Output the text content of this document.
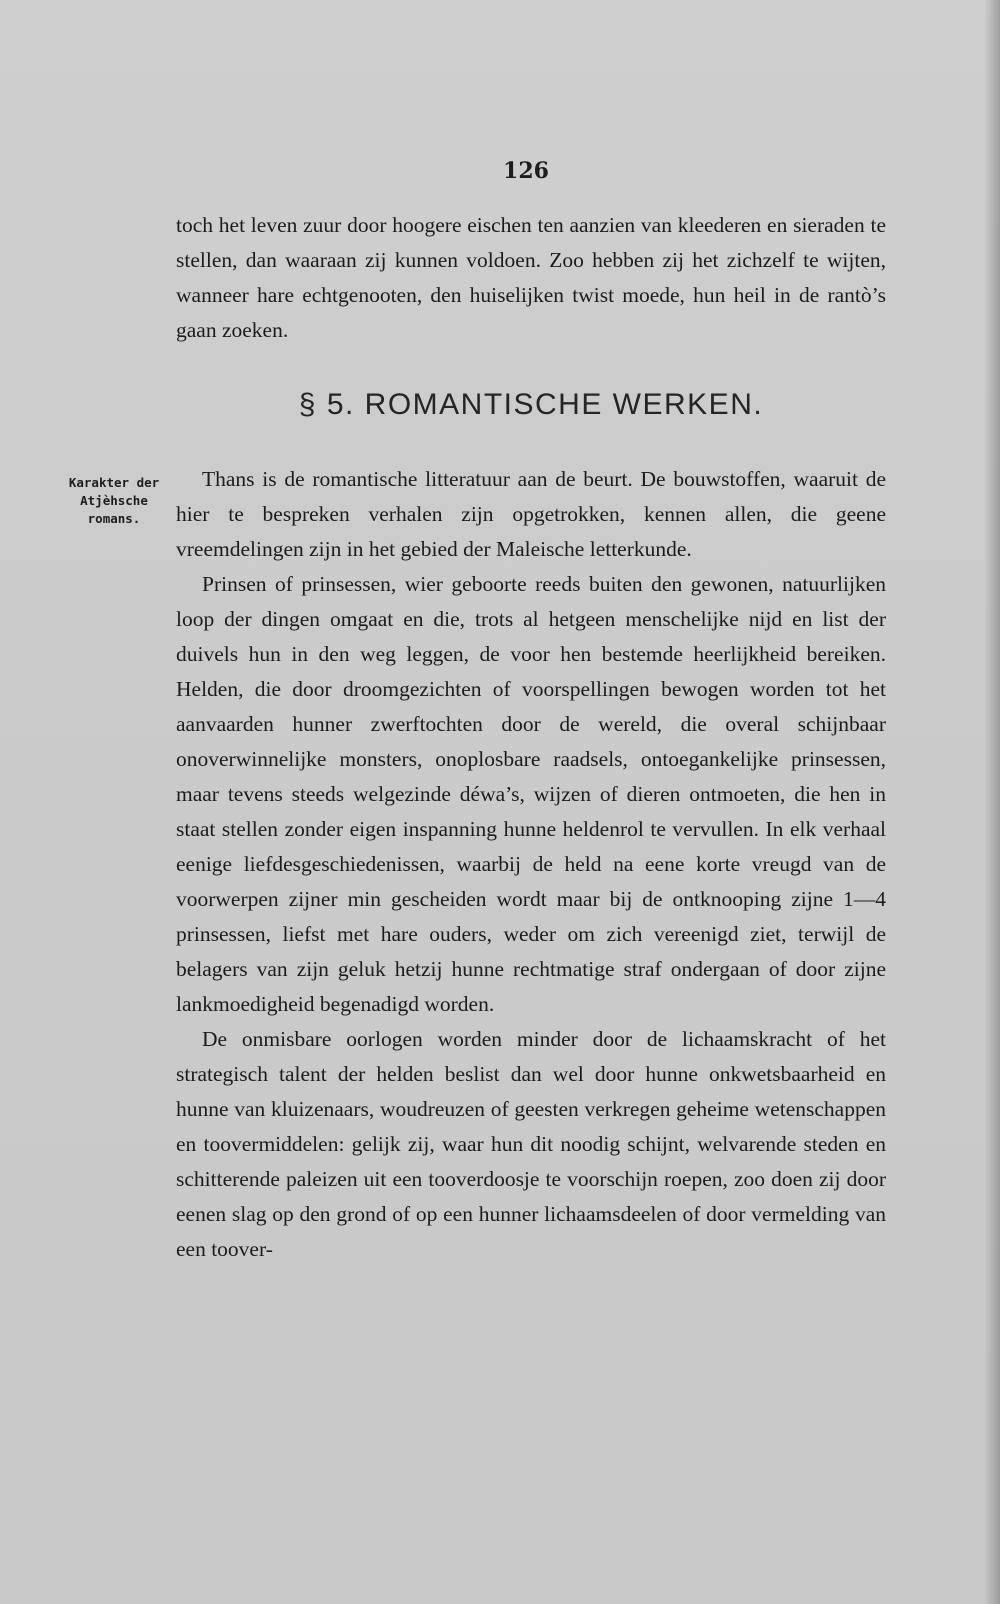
126

toch het leven zuur door hoogere eischen ten aanzien van kleederen en sieraden te stellen, dan waaraan zij kunnen voldoen. Zoo hebben zij het zichzelf te wijten, wanneer hare echtgenooten, den huiselijken twist moede, hun heil in de rantò’s gaan zoeken.

§ 5. ROMANTISCHE WERKEN.
Karakter der
Atjèhsche
romans.

Thans is de romantische litteratuur aan de beurt. De bouwstoffen, waaruit de hier te bespreken verhalen zijn opgetrokken, kennen allen, die geene vreemdelingen zijn in het gebied der Maleische letterkunde.

Prinsen of prinsessen, wier geboorte reeds buiten den gewonen, natuurlijken loop der dingen omgaat en die, trots al hetgeen menschelijke nijd en list der duivels hun in den weg leggen, de voor hen bestemde heerlijkheid bereiken. Helden, die door droomgezichten of voorspellingen bewogen worden tot het aanvaarden hunner zwerftochten door de wereld, die overal schijnbaar onoverwinnelijke monsters, onoplosbare raadsels, ontoegankelijke prinsessen, maar tevens steeds welgezinde déwa’s, wijzen of dieren ontmoeten, die hen in staat stellen zonder eigen inspanning hunne heldenrol te vervullen. In elk verhaal eenige liefdesgeschiedenissen, waarbij de held na eene korte vreugd van de voorwerpen zijner min gescheiden wordt maar bij de ontknooping zijne 1—4 prinsessen, liefst met hare ouders, weder om zich vereenigd ziet, terwijl de belagers van zijn geluk hetzij hunne rechtmatige straf ondergaan of door zijne lankmoedigheid begenadigd worden.

De onmisbare oorlogen worden minder door de lichaamskracht of het strategisch talent der helden beslist dan wel door hunne onkwetsbaarheid en hunne van kluizenaars, woudreuzen of geesten verkregen geheime wetenschappen en toovermiddelen: gelijk zij, waar hun dit noodig schijnt, welvarende steden en schitterende paleizen uit een tooverdoosje te voorschijn roepen, zoo doen zij door eenen slag op den grond of op een hunner lichaamsdeelen of door vermelding van een toover-
